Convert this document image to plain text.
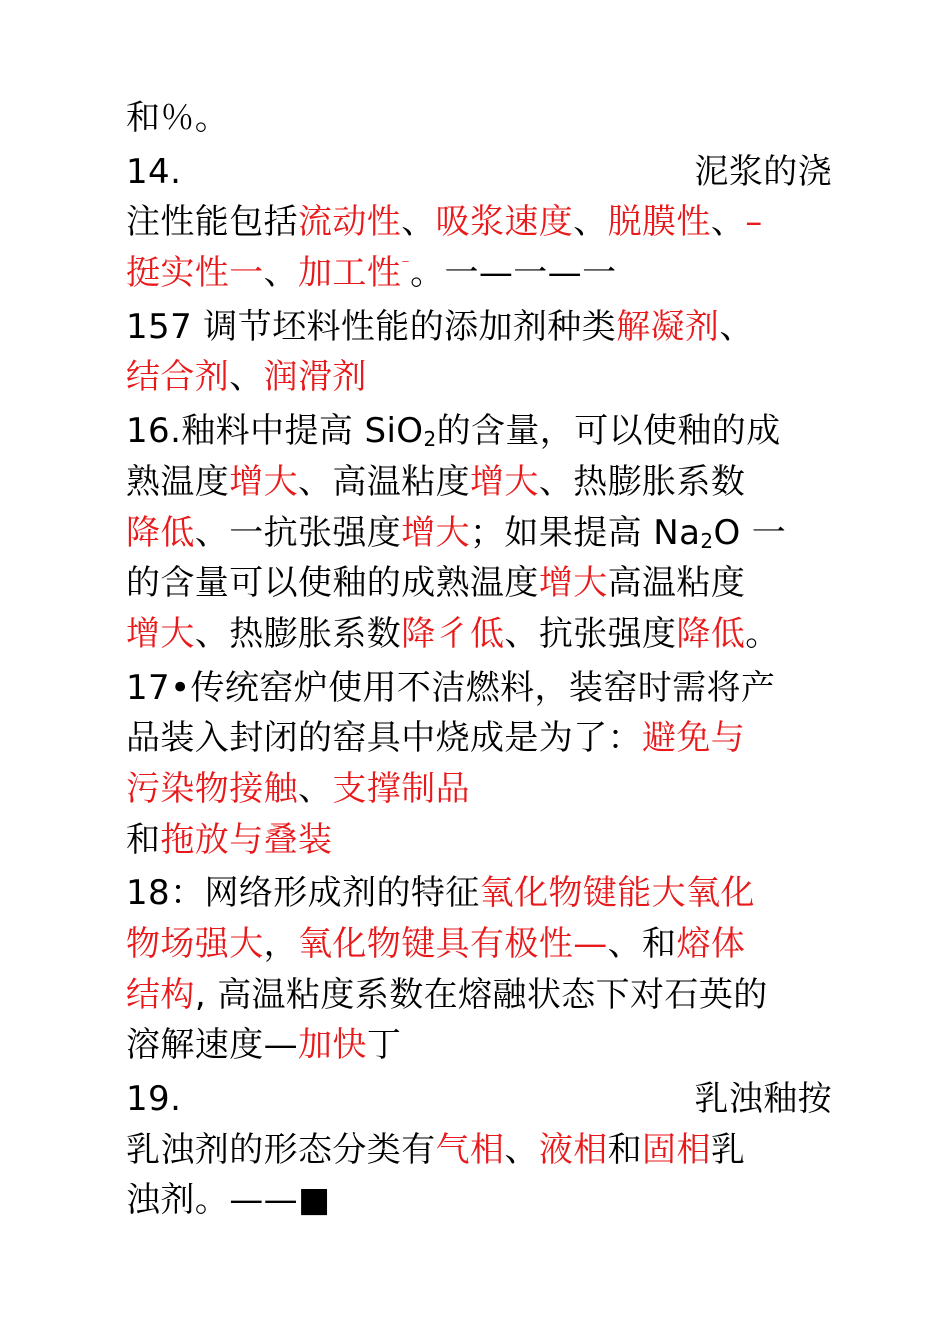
和％。
14.	泥浆的浇
注性能包括流动性、吸浆速度、脱膜性、–
挺实性一、加工性⁻。一—一—一
157 调节坯料性能的添加剂种类解凝剂、
结合剂、润滑剂
16.釉料中提高 SiO$_2$的含量，可以使釉的成
熟温度增大、高温粘度增大、热膨胀系数
降低、一抗张强度增大；如果提高 $Na_2O$ 一
的含量可以使釉的成熟温度增大高温粘度
增大、热膨胀系数降彳低、抗张强度降低。
17•传统窑炉使用不洁燃料，装窑时需将产
品装入封闭的窑具中烧成是为了：避免与
污染物接触、支撑制品
和拖放与叠装
18：网络形成剂的特征氧化物键能大氧化
物场强大，氧化物键具有极性—、和熔体
结构, 高温粘度系数在熔融状态下对石英的
溶解速度—加快丁
19.	乳浊釉按
乳浊剂的形态分类有气相、液相和固相乳
浊剂。——■
